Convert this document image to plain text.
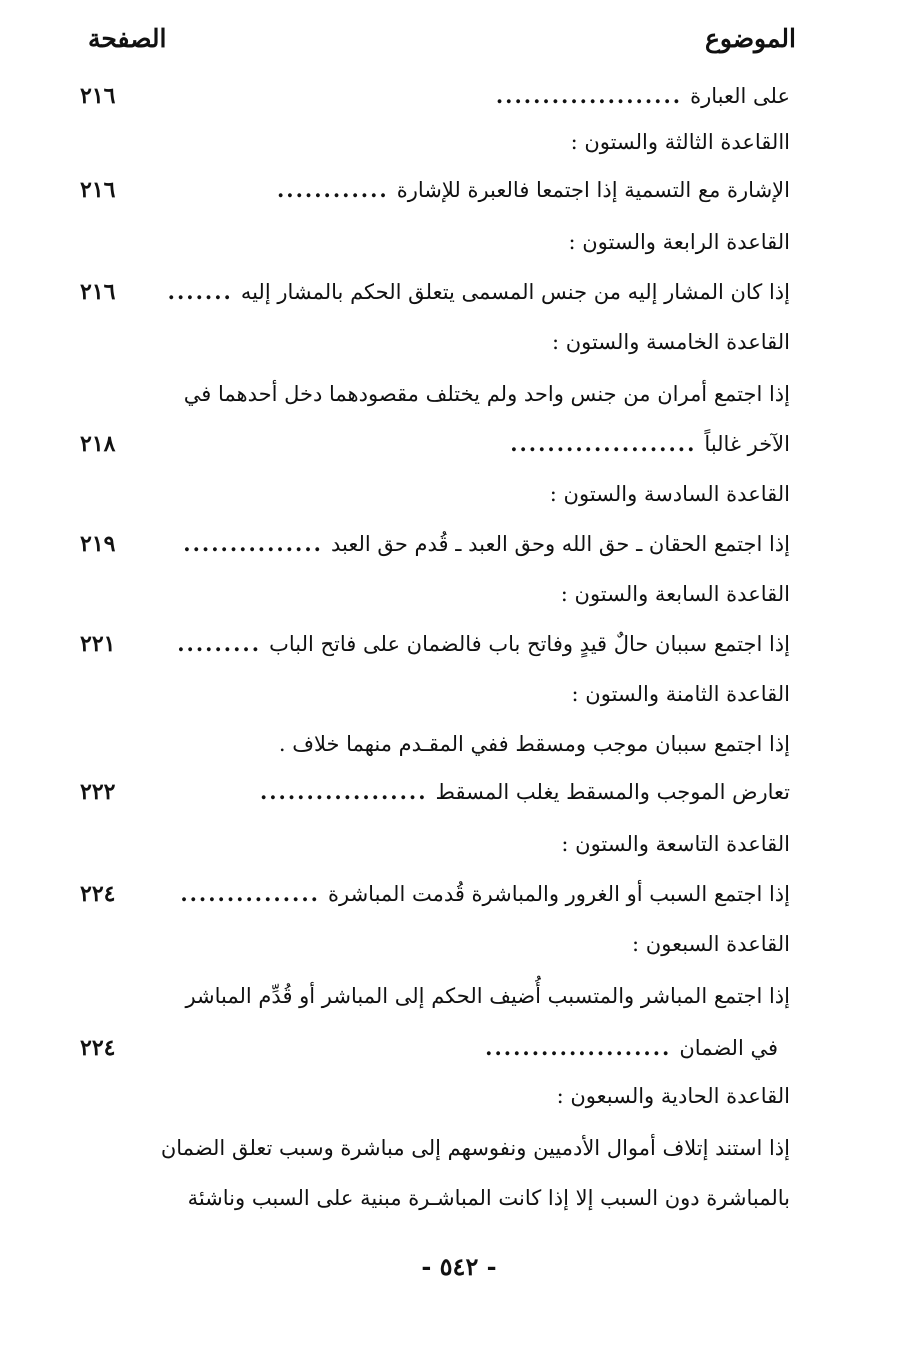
الموضوع
الصفحة
على العبارة
....................
٢١٦
االقاعدة الثالثة والستون :
الإشارة مع التسمية إذا اجتمعا فالعبرة للإشارة
............
٢١٦
القاعدة الرابعة والستون :
إذا كان المشار إليه من جنس المسمى يتعلق الحكم بالمشار إليه
.......
٢١٦
القاعدة الخامسة والستون :
إذا اجتمع أمران من جنس واحد ولم يختلف مقصودهما دخل أحدهما في
الآخر غالباً
....................
٢١٨
القاعدة السادسة والستون :
إذا اجتمع الحقان ـ حق الله وحق العبد ـ قُدم حق العبد
...............
٢١٩
القاعدة السابعة والستون :
إذا اجتمع سببان حالٌ قيدٍ وفاتح باب فالضمان على فاتح الباب
.........
٢٢١
القاعدة الثامنة والستون :
إذا اجتمع سببان موجب ومسقط ففي المقـدم منهما خلاف .
تعارض الموجب والمسقط يغلب المسقط
..................
٢٢٢
القاعدة التاسعة والستون :
إذا اجتمع السبب أو الغرور والمباشرة قُدمت المباشرة
...............
٢٢٤
القاعدة السبعون :
إذا اجتمع المباشر والمتسبب أُضيف الحكم إلى المباشر أو قُدِّم المباشر
في الضمان
....................
٢٢٤
القاعدة الحادية والسبعون :
إذا استند إتلاف أموال الأدميين ونفوسهم إلى مباشرة وسبب تعلق الضمان
بالمباشرة دون السبب إلا إذا كانت المباشـرة مبنية على السبب وناشئة
- ٥٤٢ -
